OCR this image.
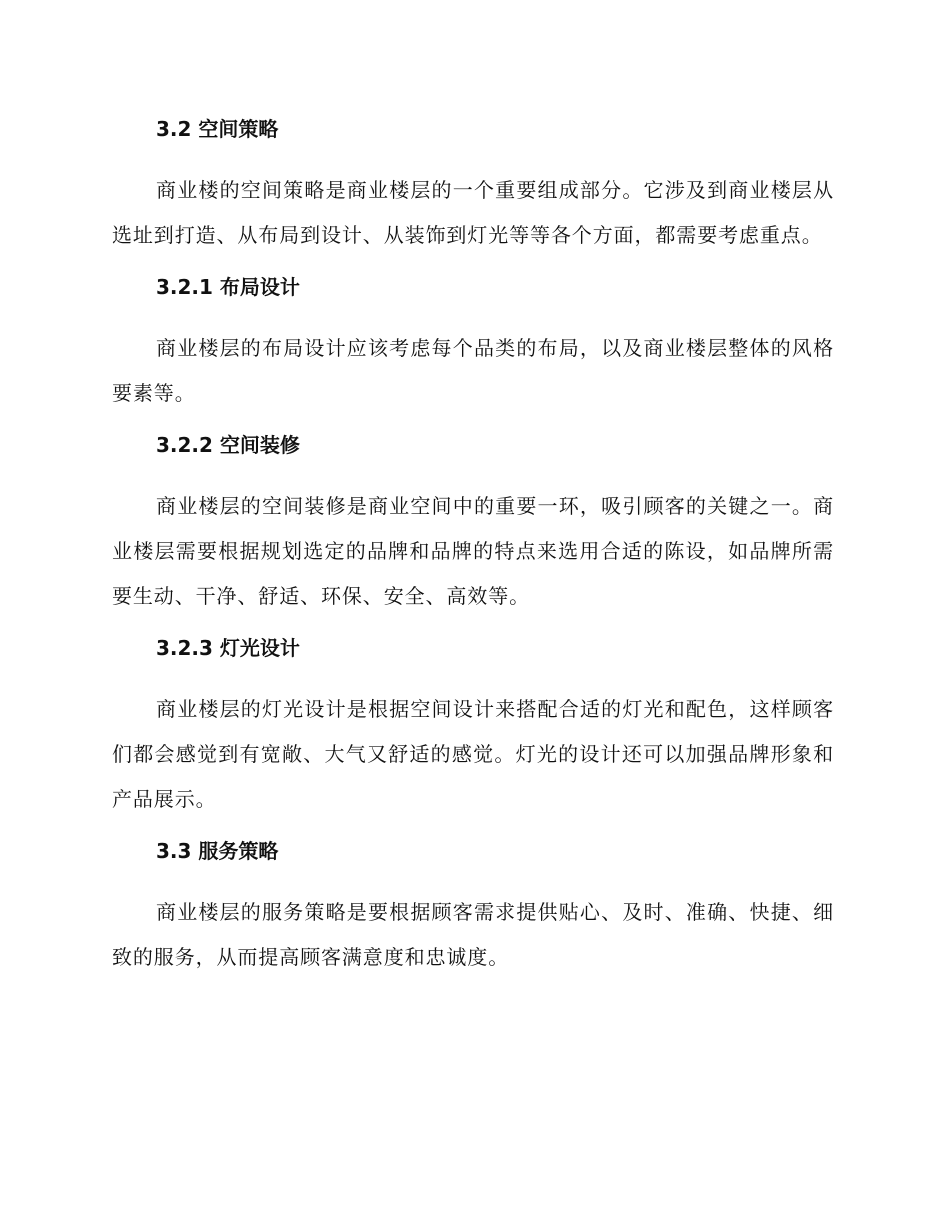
3.2 空间策略

商业楼的空间策略是商业楼层的一个重要组成部分。它涉及到商业楼层从选址到打造、从布局到设计、从装饰到灯光等等各个方面，都需要考虑重点。

3.2.1 布局设计

商业楼层的布局设计应该考虑每个品类的布局，以及商业楼层整体的风格要素等。

3.2.2 空间装修

商业楼层的空间装修是商业空间中的重要一环，吸引顾客的关键之一。商业楼层需要根据规划选定的品牌和品牌的特点来选用合适的陈设，如品牌所需要生动、干净、舒适、环保、安全、高效等。

3.2.3 灯光设计

商业楼层的灯光设计是根据空间设计来搭配合适的灯光和配色，这样顾客们都会感觉到有宽敞、大气又舒适的感觉。灯光的设计还可以加强品牌形象和产品展示。

3.3 服务策略

商业楼层的服务策略是要根据顾客需求提供贴心、及时、准确、快捷、细致的服务，从而提高顾客满意度和忠诚度。
